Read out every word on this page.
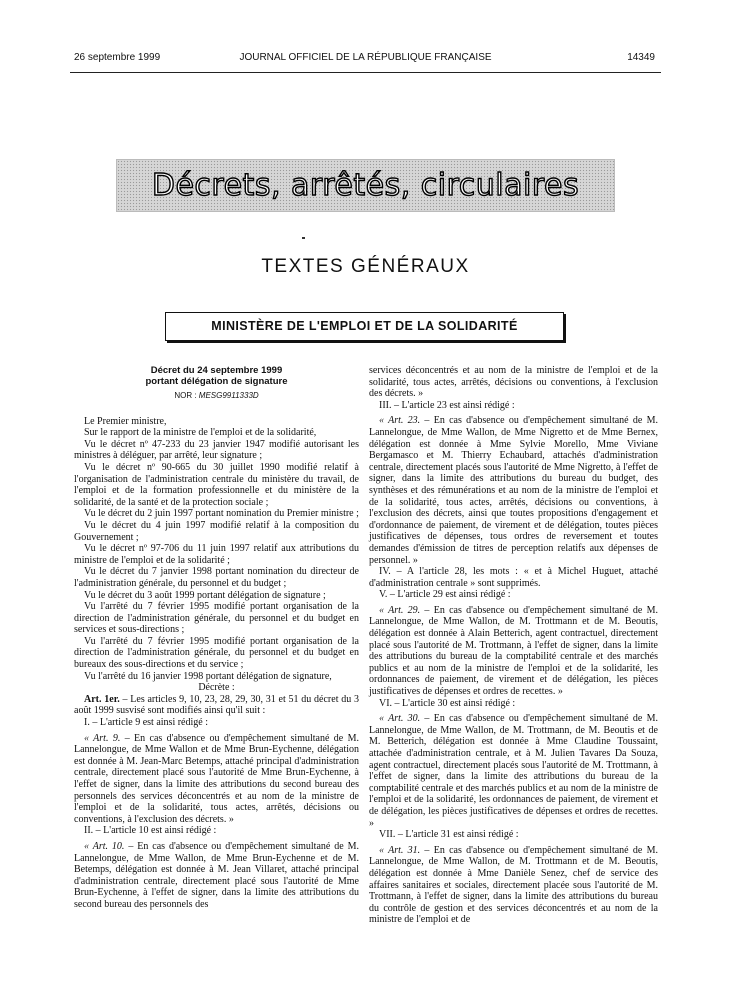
26 septembre 1999	JOURNAL OFFICIEL DE LA RÉPUBLIQUE FRANÇAISE	14349
Décrets, arrêtés, circulaires
TEXTES GÉNÉRAUX
MINISTÈRE DE L'EMPLOI ET DE LA SOLIDARITÉ
Décret du 24 septembre 1999
portant délégation de signature
NOR : MESG9911333D

Le Premier ministre,

Sur le rapport de la ministre de l'emploi et de la solidarité,

Vu le décret nº 47-233 du 23 janvier 1947 modifié autorisant les ministres à déléguer, par arrêté, leur signature ;

Vu le décret nº 90-665 du 30 juillet 1990 modifié relatif à l'organisation de l'administration centrale du ministère du travail, de l'emploi et de la formation professionnelle et du ministère de la solidarité, de la santé et de la protection sociale ;

Vu le décret du 2 juin 1997 portant nomination du Premier ministre ;

Vu le décret du 4 juin 1997 modifié relatif à la composition du Gouvernement ;

Vu le décret nº 97-706 du 11 juin 1997 relatif aux attributions du ministre de l'emploi et de la solidarité ;

Vu le décret du 7 janvier 1998 portant nomination du directeur de l'administration générale, du personnel et du budget ;

Vu le décret du 3 août 1999 portant délégation de signature ;

Vu l'arrêté du 7 février 1995 modifié portant organisation de la direction de l'administration générale, du personnel et du budget en services et sous-directions ;

Vu l'arrêté du 7 février 1995 modifié portant organisation de la direction de l'administration générale, du personnel et du budget en bureaux des sous-directions et du service ;

Vu l'arrêté du 16 janvier 1998 portant délégation de signature,

Décrète :

Art. 1er. – Les articles 9, 10, 23, 28, 29, 30, 31 et 51 du décret du 3 août 1999 susvisé sont modifiés ainsi qu'il suit :

I. – L'article 9 est ainsi rédigé :

« Art. 9. – En cas d'absence ou d'empêchement simultané de M. Lannelongue, de Mme Wallon et de Mme Brun-Eychenne, délégation est donnée à M. Jean-Marc Betemps, attaché principal d'administration centrale, directement placé sous l'autorité de Mme Brun-Eychenne, à l'effet de signer, dans la limite des attributions du second bureau des personnels des services déconcentrés et au nom de la ministre de l'emploi et de la solidarité, tous actes, arrêtés, décisions ou conventions, à l'exclusion des décrets. »

II. – L'article 10 est ainsi rédigé :

« Art. 10. – En cas d'absence ou d'empêchement simultané de M. Lannelongue, de Mme Wallon, de Mme Brun-Eychenne et de M. Betemps, délégation est donnée à M. Jean Villaret, attaché principal d'administration centrale, directement placé sous l'autorité de Mme Brun-Eychenne, à l'effet de signer, dans la limite des attributions du second bureau des personnels des

services déconcentrés et au nom de la ministre de l'emploi et de la solidarité, tous actes, arrêtés, décisions ou conventions, à l'exclusion des décrets. »

III. – L'article 23 est ainsi rédigé :

« Art. 23. – En cas d'absence ou d'empêchement simultané de M. Lannelongue, de Mme Wallon, de Mme Nigretto et de Mme Bernex, délégation est donnée à Mme Sylvie Morello, Mme Viviane Bergamasco et M. Thierry Echaubard, attachés d'administration centrale, directement placés sous l'autorité de Mme Nigretto, à l'effet de signer, dans la limite des attributions du bureau du budget, des synthèses et des rémunérations et au nom de la ministre de l'emploi et de la solidarité, tous actes, arrêtés, décisions ou conventions, à l'exclusion des décrets, ainsi que toutes propositions d'engagement et d'ordonnance de paiement, de virement et de délégation, toutes pièces justificatives de dépenses, tous ordres de reversement et toutes demandes d'émission de titres de perception relatifs aux dépenses de personnel. »

IV. – A l'article 28, les mots : « et à Michel Huguet, attaché d'administration centrale » sont supprimés.

V. – L'article 29 est ainsi rédigé :

« Art. 29. – En cas d'absence ou d'empêchement simultané de M. Lannelongue, de Mme Wallon, de M. Trottmann et de M. Beoutis, délégation est donnée à Alain Betterich, agent contractuel, directement placé sous l'autorité de M. Trottmann, à l'effet de signer, dans la limite des attributions du bureau de la comptabilité centrale et des marchés publics et au nom de la ministre de l'emploi et de la solidarité, les ordonnances de paiement, de virement et de délégation, les pièces justificatives de dépenses et ordres de recettes. »

VI. – L'article 30 est ainsi rédigé :

« Art. 30. – En cas d'absence ou d'empêchement simultané de M. Lannelongue, de Mme Wallon, de M. Trottmann, de M. Beoutis et de M. Betterich, délégation est donnée à Mme Claudine Toussaint, attachée d'administration centrale, et à M. Julien Tavares Da Souza, agent contractuel, directement placés sous l'autorité de M. Trottmann, à l'effet de signer, dans la limite des attributions du bureau de la comptabilité centrale et des marchés publics et au nom de la ministre de l'emploi et de la solidarité, les ordonnances de paiement, de virement et de délégation, les pièces justificatives de dépenses et ordres de recettes. »

VII. – L'article 31 est ainsi rédigé :

« Art. 31. – En cas d'absence ou d'empêchement simultané de M. Lannelongue, de Mme Wallon, de M. Trottmann et de M. Beoutis, délégation est donnée à Mme Danièle Senez, chef de service des affaires sanitaires et sociales, directement placée sous l'autorité de M. Trottmann, à l'effet de signer, dans la limite des attributions du bureau du contrôle de gestion et des services déconcentrés et au nom de la ministre de l'emploi et de
